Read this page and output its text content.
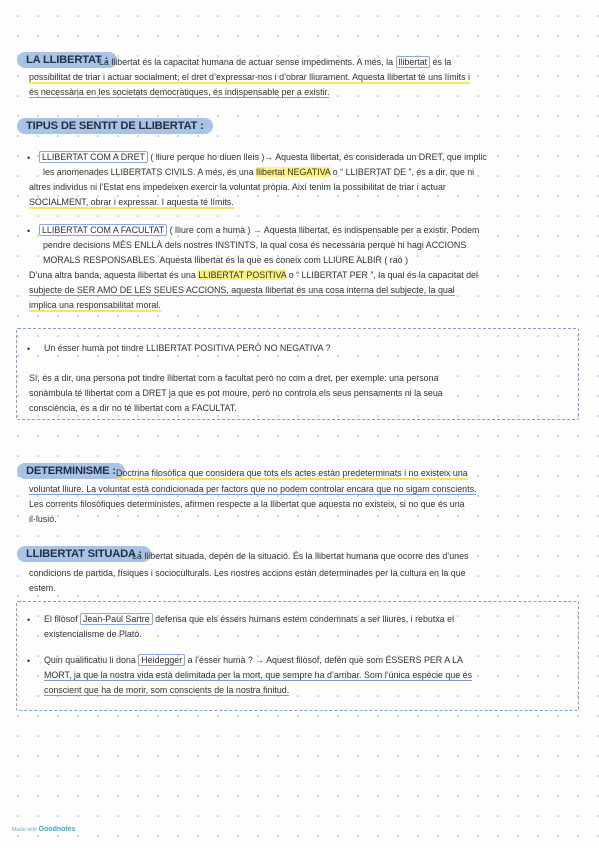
LA LLIBERTAT :
La llibertat és la capacitat humana de actuar sense impediments. A més, la llibertat és la
possibilitat de triar i actuar socialment, el dret d’expressar-nos i d’obrar lliurament. Aquesta llibertat té uns límits i
és necessària en les societats democràtiques, és indispensable per a existir.
TIPUS DE SENTIT DE LLIBERTAT :
•	LLIBERTAT COM A DRET ( lliure perque ho diuen lleis )→ Aquesta llibertat, és considerada un DRET, que implic
les anomenades LLIBERTATS CIVILS. A més, és una llibertat NEGATIVA o “ LLIBERTAT DE ”, és a dir, que ni
altres individus ni l’Estat ens impedeixen exercir la voluntat pròpia. Així tenim la possibilitat de triar i actuar
SOCIALMENT, obrar i expressar. I aquesta té límits.
•	LLIBERTAT COM A FACULTAT ( lliure com a humà ) → Aquesta llibertat, és indispensable per a existir. Podem
pendre decisions MÉS ENLLÀ dels nostres INSTINTS, la qual cosa és necessària perquè hi hagi ACCIONS
MORALS RESPONSABLES. Aquesta llibertat és la que es coneix com LLIURE ALBIR ( raó )
D’una altra banda, aquesta llibertat és una LLIBERTAT POSITIVA o “ LLIBERTAT PER ”, la qual és la capacitat del
subjecte de SER AMO DE LES SEUES ACCIONS, aquesta llibertat és una cosa interna del subjecte, la qual
implica una responsabilitat moral.
• Un ésser humà pot tindre LLIBERTAT POSITIVA PERÒ NO NEGATIVA ?
Sí, és a dir, una persona pot tindre llibertat com a facultat però no com a dret, per exemple: una persona
sonàmbula té llibertat com a DRET ja que es pot moure, però no controla els seus pensaments ni la seua
consciència, és a dir no té llibertat com a FACULTAT.
DETERMINISME : Doctrina filosòfica que considera que tots els actes estàn predeterminats i no existeix una
voluntat lliure. La voluntat està condicionada per factors que no podem controlar encara que no sigam conscients.
Les corrents filosòfiques deterministes, afirmen respecte a la llibertat que aquesta no existeix, si no que és una
il·lusió.
LLIBERTAT SITUADA :
La llibertat situada, depén de la situació. És la llibertat humana que ocorre des d’unes
condicions de partida, físiques i socioculturals. Les nostres accions estàn determinades per la cultura en la que
estem.
• El filòsof Jean-Paul Sartre defensa que els éssers humans estem condemnats a ser lliures, i rebutxa el
existencialisme de Plató.
• Quin qualificatiu li dona Heidegger a l’ésser humà ? → Aquest filòsof, defén què som ÉSSERS PER A LA
MORT, ja que la nostra vida està delimitada per la mort, que sempre ha d’arribar. Som l’única espècie que és
conscient que ha de morir, som conscients de la nostra finitud.
Made with Goodnotes
